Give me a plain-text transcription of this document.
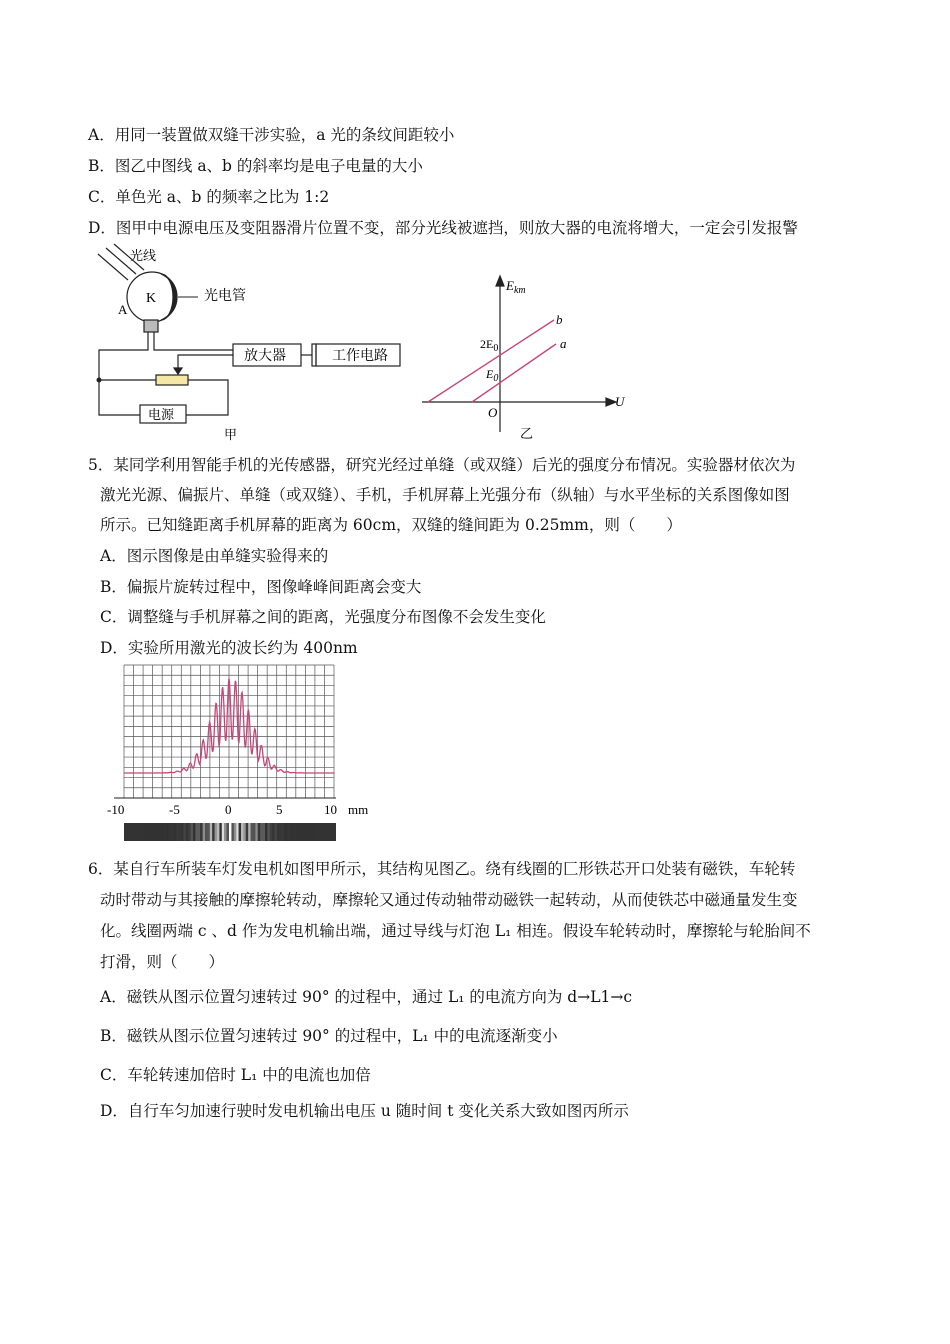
A．用同一装置做双缝干涉实验，a 光的条纹间距较小
B．图乙中图线 a、b 的斜率均是电子电量的大小
C．单色光 a、b 的频率之比为 1:2
D．图甲中电源电压及变阻器滑片位置不变，部分光线被遮挡，则放大器的电流将增大，一定会引发报警
光线
K
A
光电管
放大器	工作电路
电源
甲
$E_{km}$
U
O
$2E_0$
$E_0$
b
a
乙
5．某同学利用智能手机的光传感器，研究光经过单缝（或双缝）后光的强度分布情况。实验器材依次为
激光光源、偏振片、单缝（或双缝）、手机，手机屏幕上光强分布（纵轴）与水平坐标的关系图像如图
所示。已知缝距离手机屏幕的距离为 60cm，双缝的缝间距为 0.25mm，则（　　）
A．图示图像是由单缝实验得来的
B．偏振片旋转过程中，图像峰峰间距离会变大
C．调整缝与手机屏幕之间的距离，光强度分布图像不会发生变化
D．实验所用激光的波长约为 400nm
-10	-5	0	5	10 mm
6．某自行车所装车灯发电机如图甲所示，其结构见图乙。绕有线圈的匚形铁芯开口处装有磁铁，车轮转
动时带动与其接触的摩擦轮转动，摩擦轮又通过传动轴带动磁铁一起转动，从而使铁芯中磁通量发生变
化。线圈两端 c 、d 作为发电机输出端，通过导线与灯泡 L₁ 相连。假设车轮转动时，摩擦轮与轮胎间不
打滑，则（　　）
A．磁铁从图示位置匀速转过 90° 的过程中，通过 L₁ 的电流方向为 d→L1→c
B．磁铁从图示位置匀速转过 90° 的过程中，L₁ 中的电流逐渐变小
C．车轮转速加倍时 L₁ 中的电流也加倍
D．自行车匀加速行驶时发电机输出电压 u 随时间 t 变化关系大致如图丙所示
